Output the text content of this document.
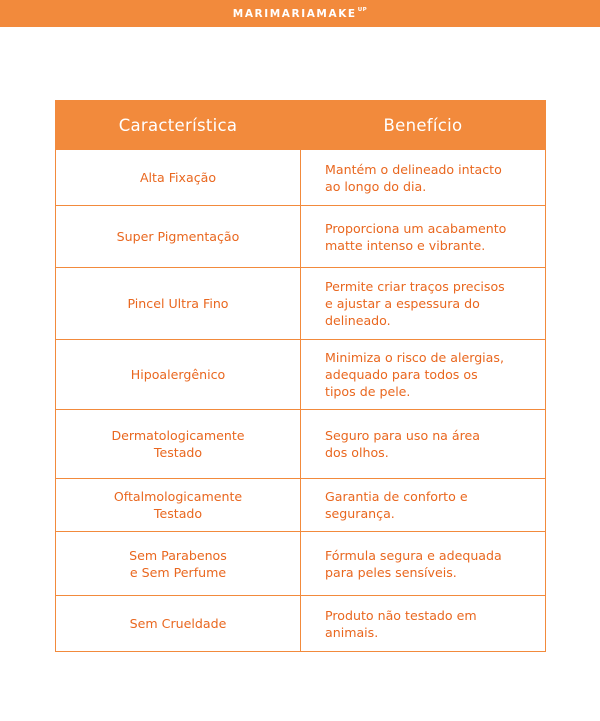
MARIMARIAMAKE UP
Característica	Benefício
Alta Fixação	Mantém o delineado intacto
ao longo do dia.
Super Pigmentação	Proporciona um acabamento
matte intenso e vibrante.
Pincel Ultra Fino	Permite criar traços precisos
e ajustar a espessura do
delineado.
Hipoalergênico	Minimiza o risco de alergias,
adequado para todos os
tipos de pele.
Dermatologicamente
Testado	Seguro para uso na área
dos olhos.
Oftalmologicamente
Testado	Garantia de conforto e
segurança.
Sem Parabenos
e Sem Perfume	Fórmula segura e adequada
para peles sensíveis.
Sem Crueldade	Produto não testado em
animais.
